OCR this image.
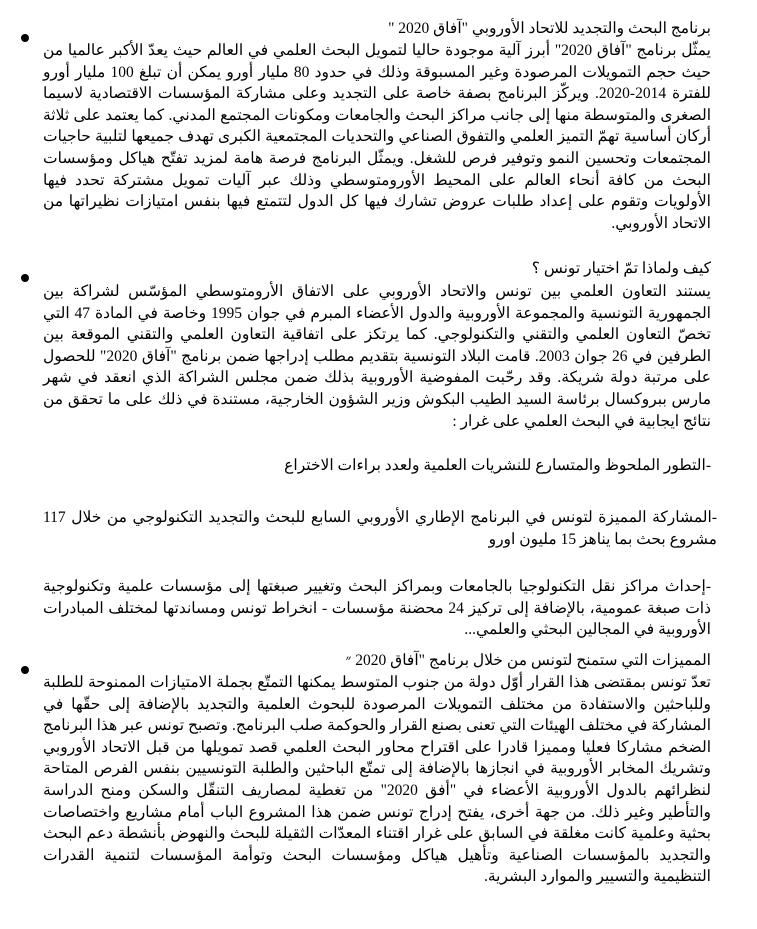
برنامج البحث والتجديد للاتحاد الأوروبي "آفاق 2020 "

يمثّل برنامج "آفاق 2020" أبرز آلية موجودة حاليا لتمويل البحث العلمي في العالم حيث يعدّ الأكبر عالميا من حيث حجم التمويلات المرصودة وغير المسبوقة وذلك في حدود 80 مليار أورو يمكن أن تبلغ 100 مليار أورو للفترة 2014-2020. ويركّز البرنامج بصفة خاصة على التجديد وعلى مشاركة المؤسسات الاقتصادية لاسيما الصغرى والمتوسطة منها إلى جانب مراكز البحث والجامعات ومكونات المجتمع المدني. كما يعتمد على ثلاثة أركان أساسية تهمّ التميز العلمي والتفوق الصناعي والتحديات المجتمعية الكبرى تهدف جميعها لتلبية حاجيات المجتمعات وتحسين النمو وتوفير فرص للشغل. ويمثّل البرنامج فرصة هامة لمزيد تفتّح هياكل ومؤسسات البحث من كافة أنحاء العالم على المحيط الأورومتوسطي وذلك عبر آليات تمويل مشتركة تحدد فيها الأولويات وتقوم على إعداد طلبات عروض تشارك فيها كل الدول لتتمتع فيها بنفس امتيازات نظيراتها من الاتحاد الأوروبي.

كيف ولماذا تمّ اختيار تونس ؟

يستند التعاون العلمي بين تونس والاتحاد الأوروبي على الاتفاق الأرومتوسطي المؤسّس لشراكة بين الجمهورية التونسية والمجموعة الأوروبية والدول الأعضاء المبرم في جوان 1995 وخاصة في المادة 47 التي تخصّ التعاون العلمي والتقني والتكنولوجي. كما يرتكز على اتفاقية التعاون العلمي والتقني الموقعة بين الطرفين في 26 جوان 2003. قامت البلاد التونسية بتقديم مطلب إدراجها ضمن برنامج "آفاق 2020" للحصول على مرتبة دولة شريكة. وقد رحّبت المفوضية الأوروبية بذلك ضمن مجلس الشراكة الذي انعقد في شهر مارس ببروكسال برئاسة السيد الطيب البكوش وزير الشؤون الخارجية، مستندة في ذلك على ما تحقق من نتائج ايجابية في البحث العلمي على غرار :

-التطور الملحوظ والمتسارع للنشريات العلمية ولعدد براءات الاختراع

-المشاركة المميزة لتونس في البرنامج الإطاري الأوروبي السابع للبحث والتجديد التكنولوجي من خلال 117 مشروع بحث بما يناهز 15 مليون اورو

-إحداث مراكز نقل التكنولوجيا بالجامعات وبمراكز البحث وتغيير صبغتها إلى مؤسسات علمية وتكنولوجية ذات صبغة عمومية، بالإضافة إلى تركيز 24 محضنة مؤسسات - انخراط تونس ومساندتها لمختلف المبادرات الأوروبية في المجالين البحثي والعلمي...

المميزات التي ستمنح لتونس من خلال برنامج "آفاق 2020 ״

تعدّ تونس بمقتضى هذا القرار أوّل دولة من جنوب المتوسط يمكنها التمتّع بجملة الامتيازات الممنوحة للطلبة وللباحثين والاستفادة من مختلف التمويلات المرصودة للبحوث العلمية والتجديد بالإضافة إلى حقّها في المشاركة في مختلف الهيئات التي تعنى بصنع القرار والحوكمة صلب البرنامج. وتصبح تونس عبر هذا البرنامج الضخم مشاركا فعليا ومميزا قادرا على اقتراح محاور البحث العلمي قصد تمويلها من قبل الاتحاد الأوروبي وتشريك المخابر الأوروبية في انجازها بالإضافة إلى تمتّع الباحثين والطلبة التونسيين بنفس الفرص المتاحة لنظرائهم بالدول الأوروبية الأعضاء في "أفق 2020" من تغطية لمصاريف التنقّل والسكن ومنح الدراسة والتأطير وغير ذلك. من جهة أخرى، يفتح إدراج تونس ضمن هذا المشروع الباب أمام مشاريع واختصاصات بحثية وعلمية كانت مغلقة في السابق على غرار اقتناء المعدّات الثقيلة للبحث والنهوض بأنشطة دعم البحث والتجديد بالمؤسسات الصناعية وتأهيل هياكل ومؤسسات البحث وتوأمة المؤسسات لتنمية القدرات التنظيمية والتسيير والموارد البشرية.
